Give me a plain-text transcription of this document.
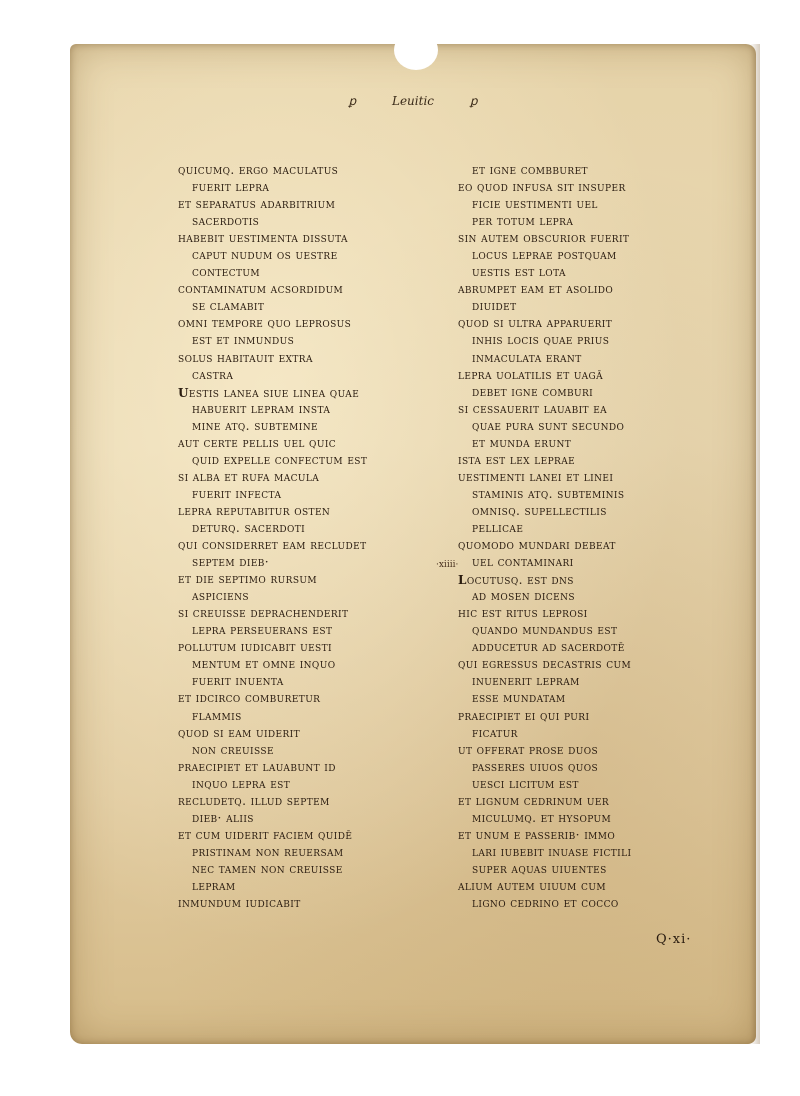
ꝑ	Leuitic	ꝑ
quicumq. ergo maculatus
fuerit lepra
et separatus adarbitrium
sacerdotis
habebit uestimenta dissuta
caput nudum os uestre
contectum
contaminatum acsordidum
se clamabit
omni tempore quo leprosus
est et inmundus
solus habitauit extra
castra
uestis lanea siue linea quae
habuerit lepram insta
mine atq. subtemine
aut certe pellis uel quic
quid expelle confectum est
si alba et rufa macula
fuerit infecta
lepra reputabitur osten
deturq. sacerdoti
qui considerret eam recludet
septem dieb·
et die septimo rursum
aspiciens
si creuisse deprachenderit
lepra perseuerans est
pollutum iudicabit uesti
mentum et omne inquo
fuerit inuenta
et idcirco comburetur
flammis
quod si eam uiderit
non creuisse
praecipiet et lauabunt id
inquo lepra est
recludetq. illud septem
dieb· aliis
et cum uiderit faciem quidē
pristinam non reuersam
nec tamen non creuisse
lepram
inmundum iudicabit
et igne combburet
eo quod infusa sit insuper
ficie uestimenti uel
per totum lepra
sin autem obscurior fuerit
locus leprae postquam
uestis est lota
abrumpet eam et asolido
diuidet
quod si ultra apparuerit
inhis locis quae prius
inmaculata erant
lepra uolatilis et uagā
debet igne comburi
si cessauerit lauabit ea
quae pura sunt secundo
et munda erunt
ista est lex leprae
uestimenti lanei et linei
staminis atq. subteminis
omnisq. supellectilis
pellicae
quomodo mundari debeat
uel contaminari
locutusq. est dns
ad mosen dicens
hic est ritus leprosi
quando mundandus est
adducetur ad sacerdotē
qui egressus decastris cum
inuenerit lepram
esse mundatam
praecipiet ei qui puri
ficatur
ut offerat prose duos
passeres uiuos quos
uesci licitum est
et lignum cedrinum uer
miculumq. et hysopum
et unum e passerib· immo
lari iubebit inuase fictili
super aquas uiuentes
alium autem uiuum cum
ligno cedrino et cocco
·xiiii·
Q·xi·
